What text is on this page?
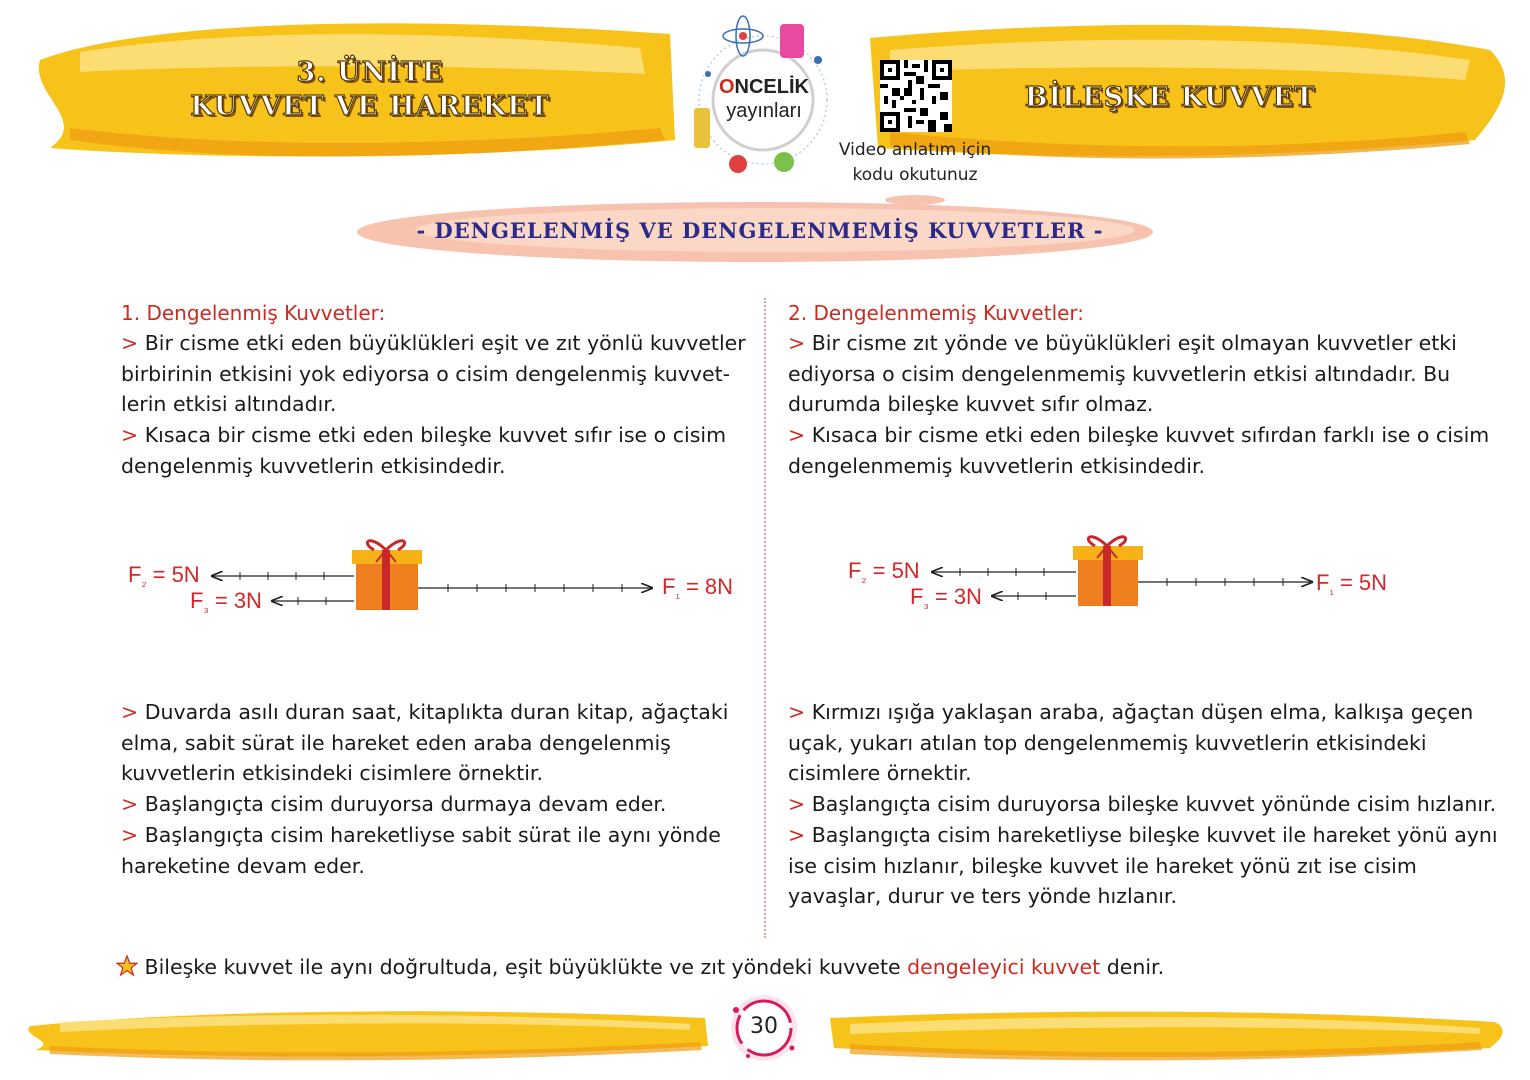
3. ÜNİTE
KUVVET VE HAREKET	BİLEŞKE KUVVET
ONCELİK
yayınları
Video anlatım için
kodu okutunuz
- DENGELENMİŞ VE DENGELENMEMİŞ KUVVETLER -
1. Dengelenmiş Kuvvetler:
> Bir cisme etki eden büyüklükleri eşit ve zıt yönlü kuvvetler birbirinin etkisini yok ediyorsa o cisim dengelenmiş kuvvet-lerin etkisi altındadır.
> Kısaca bir cisme etki eden bileşke kuvvet sıfır ise o cisim dengelenmiş kuvvetlerin etkisindedir.
F₂ = 5N
F₃ = 3N
F₁ = 8N
> Duvarda asılı duran saat, kitaplıkta duran kitap, ağaçtaki elma, sabit sürat ile hareket eden araba dengelenmiş kuvvetlerin etkisindeki cisimlere örnektir.
> Başlangıçta cisim duruyorsa durmaya devam eder.
> Başlangıçta cisim hareketliyse sabit sürat ile aynı yönde hareketine devam eder.
2. Dengelenmemiş Kuvvetler:
> Bir cisme zıt yönde ve büyüklükleri eşit olmayan kuvvetler etki ediyorsa o cisim dengelenmemiş kuvvetlerin etkisi altındadır. Bu durumda bileşke kuvvet sıfır olmaz.
> Kısaca bir cisme etki eden bileşke kuvvet sıfırdan farklı ise o cisim dengelenmemiş kuvvetlerin etkisindedir.
F₂ = 5N
F₃ = 3N
F₁ = 5N
> Kırmızı ışığa yaklaşan araba, ağaçtan düşen elma, kalkışa geçen uçak, yukarı atılan top dengelenmemiş kuvvetlerin etkisindeki cisimlere örnektir.
> Başlangıçta cisim duruyorsa bileşke kuvvet yönünde cisim hızlanır.
> Başlangıçta cisim hareketliyse bileşke kuvvet ile hareket yönü aynı ise cisim hızlanır, bileşke kuvvet ile hareket yönü zıt ise cisim yavaşlar, durur ve ters yönde hızlanır.
Bileşke kuvvet ile aynı doğrultuda, eşit büyüklükte ve zıt yöndeki kuvvete dengeleyici kuvvet denir.
30
